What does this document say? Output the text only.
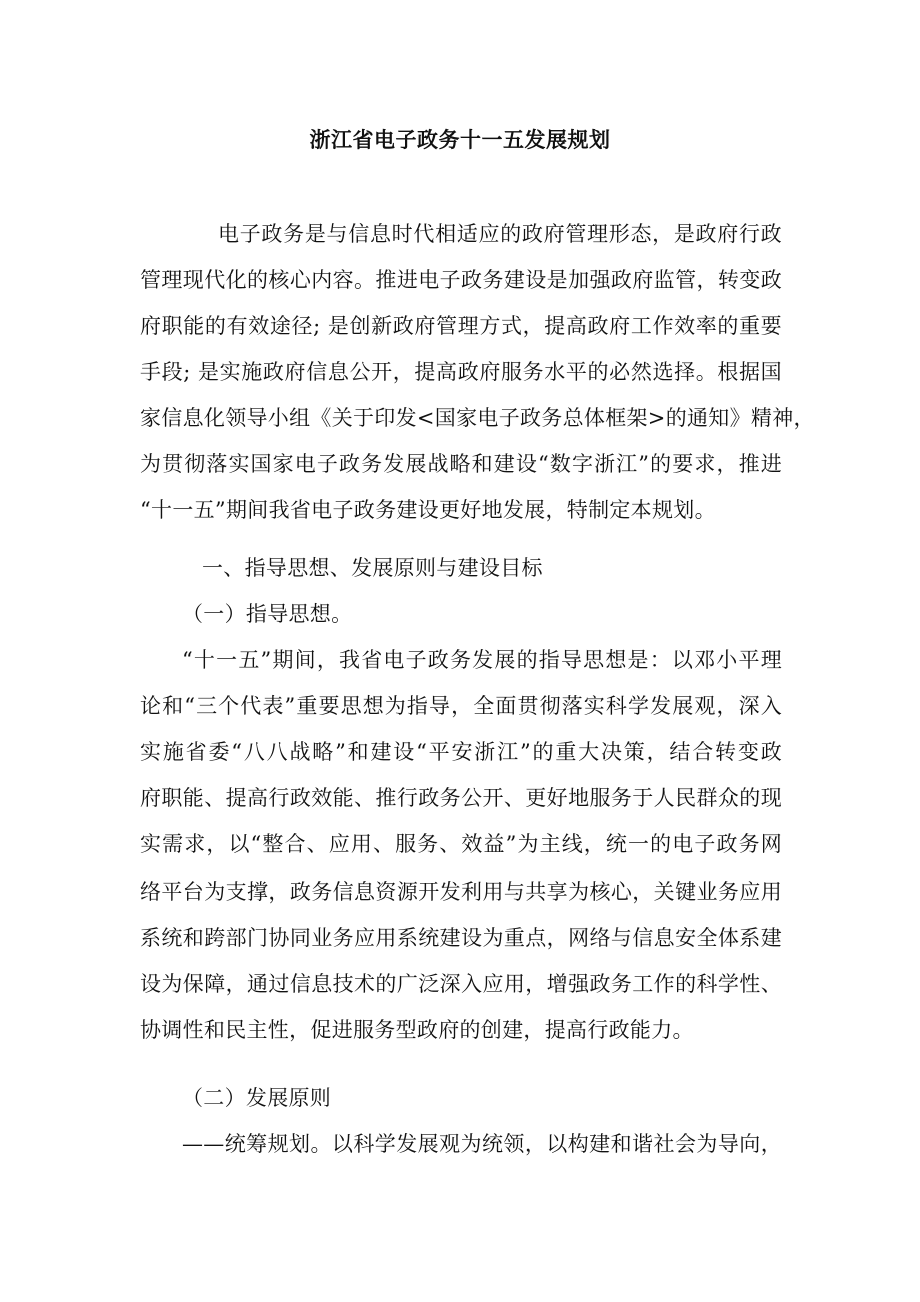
浙江省电子政务十一五发展规划
电子政务是与信息时代相适应的政府管理形态，是政府行政
管理现代化的核心内容。推进电子政务建设是加强政府监管，转变政
府职能的有效途径; 是创新政府管理方式，提高政府工作效率的重要
手段; 是实施政府信息公开，提高政府服务水平的必然选择。根据国
家信息化领导小组《关于印发<国家电子政务总体框架>的通知》精神，
为贯彻落实国家电子政务发展战略和建设“数字浙江”的要求，推进
“十一五”期间我省电子政务建设更好地发展，特制定本规划。
一、指导思想、发展原则与建设目标
（一）指导思想。
“十一五”期间，我省电子政务发展的指导思想是：以邓小平理
论和“三个代表”重要思想为指导，全面贯彻落实科学发展观，深入
实施省委“八八战略”和建设“平安浙江”的重大决策，结合转变政
府职能、提高行政效能、推行政务公开、更好地服务于人民群众的现
实需求，以“整合、应用、服务、效益”为主线，统一的电子政务网
络平台为支撑，政务信息资源开发利用与共享为核心，关键业务应用
系统和跨部门协同业务应用系统建设为重点，网络与信息安全体系建
设为保障，通过信息技术的广泛深入应用，增强政务工作的科学性、
协调性和民主性，促进服务型政府的创建，提高行政能力。
（二）发展原则
——统筹规划。以科学发展观为统领，以构建和谐社会为导向，
